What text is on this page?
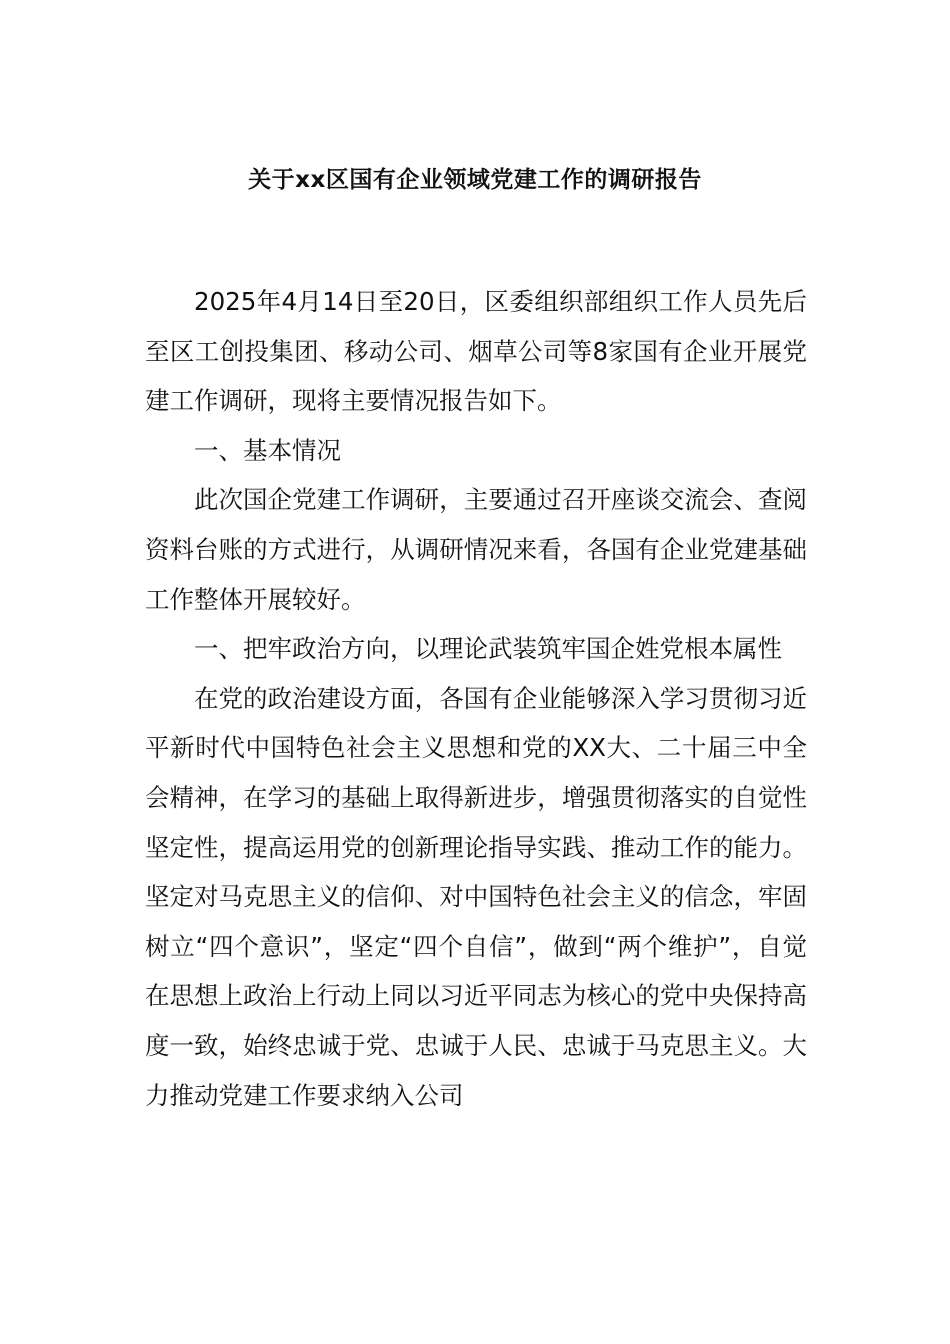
关于xx区国有企业领域党建工作的调研报告

2025年4月14日至20日，区委组织部组织工作人员先后至区工创投集团、移动公司、烟草公司等8家国有企业开展党建工作调研，现将主要情况报告如下。

一、基本情况

此次国企党建工作调研，主要通过召开座谈交流会、查阅资料台账的方式进行，从调研情况来看，各国有企业党建基础工作整体开展较好。

一、把牢政治方向，以理论武装筑牢国企姓党根本属性

在党的政治建设方面，各国有企业能够深入学习贯彻习近平新时代中国特色社会主义思想和党的XX大、二十届三中全会精神，在学习的基础上取得新进步，增强贯彻落实的自觉性坚定性，提高运用党的创新理论指导实践、推动工作的能力。坚定对马克思主义的信仰、对中国特色社会主义的信念，牢固树立“四个意识”，坚定“四个自信”，做到“两个维护”，自觉在思想上政治上行动上同以习近平同志为核心的党中央保持高度一致，始终忠诚于党、忠诚于人民、忠诚于马克思主义。大力推动党建工作要求纳入公司
